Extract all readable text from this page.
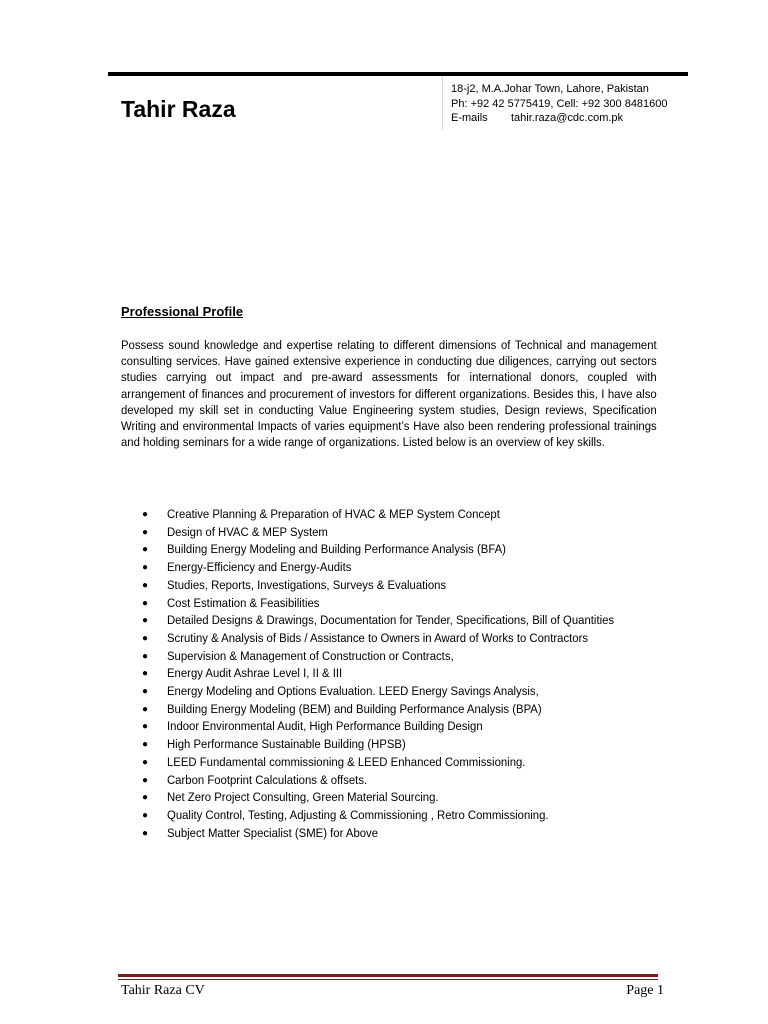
Tahir Raza
18-j2, M.A.Johar Town, Lahore, Pakistan
Ph: +92 42 5775419, Cell: +92 300 8481600
E-mails tahir.raza@cdc.com.pk
Professional Profile

Possess sound knowledge and expertise relating to different dimensions of Technical and management consulting services. Have gained extensive experience in conducting due diligences, carrying out sectors studies carrying out impact and pre-award assessments for international donors, coupled with arrangement of finances and procurement of investors for different organizations. Besides this, I have also developed my skill set in conducting Value Engineering system studies, Design reviews, Specification Writing and environmental Impacts of varies equipment’s Have also been rendering professional trainings and holding seminars for a wide range of organizations. Listed below is an overview of key skills.

● Creative Planning & Preparation of HVAC & MEP System Concept
● Design of HVAC & MEP System
● Building Energy Modeling and Building Performance Analysis (BFA)
● Energy-Efficiency and Energy-Audits
● Studies, Reports, Investigations, Surveys & Evaluations
● Cost Estimation & Feasibilities
● Detailed Designs & Drawings, Documentation for Tender, Specifications, Bill of Quantities
● Scrutiny & Analysis of Bids / Assistance to Owners in Award of Works to Contractors
● Supervision & Management of Construction or Contracts,
● Energy Audit Ashrae Level I, II & III
● Energy Modeling and Options Evaluation. LEED Energy Savings Analysis,
● Building Energy Modeling (BEM) and Building Performance Analysis (BPA)
● Indoor Environmental Audit, High Performance Building Design
● High Performance Sustainable Building (HPSB)
● LEED Fundamental commissioning & LEED Enhanced Commissioning.
● Carbon Footprint Calculations & offsets.
● Net Zero Project Consulting, Green Material Sourcing.
● Quality Control, Testing, Adjusting & Commissioning , Retro Commissioning.
● Subject Matter Specialist (SME) for Above
Tahir Raza CV	Page 1
